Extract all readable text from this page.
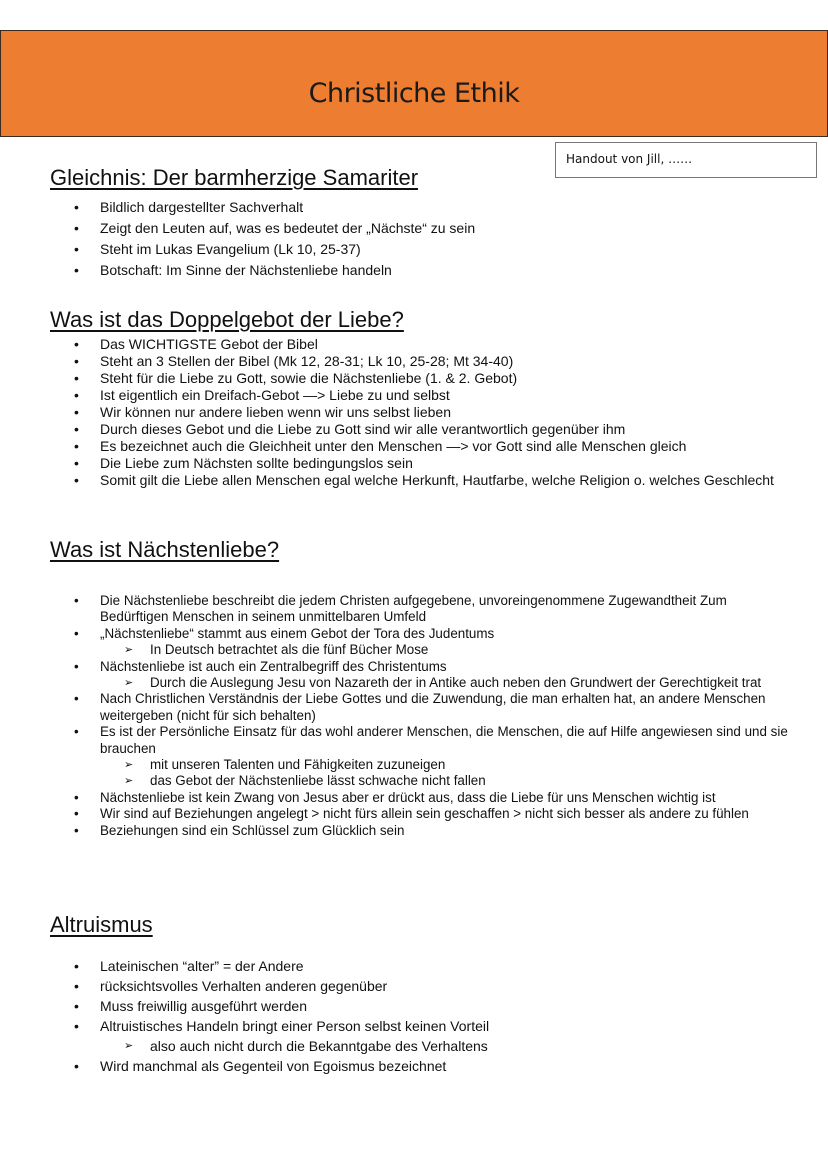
Christliche Ethik
Handout von Jill, ……
Gleichnis: Der barmherzige Samariter
• Bildlich dargestellter Sachverhalt
• Zeigt den Leuten auf, was es bedeutet der „Nächste“ zu sein
• Steht im Lukas Evangelium (Lk 10, 25-37)
• Botschaft: Im Sinne der Nächstenliebe handeln
Was ist das Doppelgebot der Liebe?
• Das WICHTIGSTE Gebot der Bibel
• Steht an 3 Stellen der Bibel (Mk 12, 28-31; Lk 10, 25-28; Mt 34-40)
• Steht für die Liebe zu Gott, sowie die Nächstenliebe (1. & 2. Gebot)
• Ist eigentlich ein Dreifach-Gebot —> Liebe zu und selbst
• Wir können nur andere lieben wenn wir uns selbst lieben
• Durch dieses Gebot und die Liebe zu Gott sind wir alle verantwortlich gegenüber ihm
• Es bezeichnet auch die Gleichheit unter den Menschen —> vor Gott sind alle Menschen gleich
• Die Liebe zum Nächsten sollte bedingungslos sein
• Somit gilt die Liebe allen Menschen egal welche Herkunft, Hautfarbe, welche Religion o. welches Geschlecht
Was ist Nächstenliebe?
• Die Nächstenliebe beschreibt die jedem Christen aufgegebene, unvoreingenommene Zugewandtheit Zum Bedürftigen Menschen in seinem unmittelbaren Umfeld
• „Nächstenliebe“ stammt aus einem Gebot der Tora des Judentums
➢ In Deutsch betrachtet als die fünf Bücher Mose
• Nächstenliebe ist auch ein Zentralbegriff des Christentums
➢ Durch die Auslegung Jesu von Nazareth der in Antike auch neben den Grundwert der Gerechtigkeit trat
• Nach Christlichen Verständnis der Liebe Gottes und die Zuwendung, die man erhalten hat, an andere Menschen weitergeben (nicht für sich behalten)
• Es ist der Persönliche Einsatz für das wohl anderer Menschen, die Menschen, die auf Hilfe angewiesen sind und sie brauchen
➢ mit unseren Talenten und Fähigkeiten zuzuneigen
➢ das Gebot der Nächstenliebe lässt schwache nicht fallen
• Nächstenliebe ist kein Zwang von Jesus aber er drückt aus, dass die Liebe für uns Menschen wichtig ist
• Wir sind auf Beziehungen angelegt > nicht fürs allein sein geschaffen > nicht sich besser als andere zu fühlen
• Beziehungen sind ein Schlüssel zum Glücklich sein
Altruismus
• Lateinischen “alter” = der Andere
• rücksichtsvolles Verhalten anderen gegenüber
• Muss freiwillig ausgeführt werden
• Altruistisches Handeln bringt einer Person selbst keinen Vorteil
➢ also auch nicht durch die Bekanntgabe des Verhaltens
• Wird manchmal als Gegenteil von Egoismus bezeichnet
